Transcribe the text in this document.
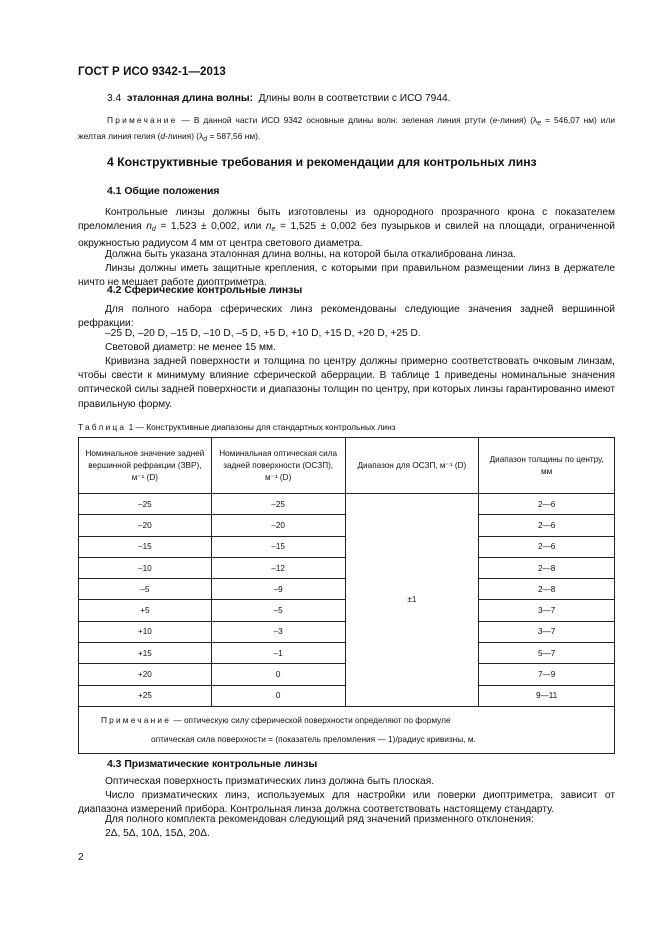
ГОСТ Р ИСО 9342-1—2013
3.4 эталонная длина волны: Длины волн в соответствии с ИСО 7944.
Примечание — В данной части ИСО 9342 основные длины волн: зеленая линия ртути (e-линия) ($\lambda_e = 546,07$ нм) или желтая линия гелия (d-линия) ($\lambda_d = 587,56$ нм).
4 Конструктивные требования и рекомендации для контрольных линз
4.1 Общие положения
Контрольные линзы должны быть изготовлены из однородного прозрачного крона с показателем преломления $n_d = 1,523 \pm 0,002$, или $n_e = 1,525 \pm 0,002$ без пузырьков и свилей на площади, ограниченной окружностью радиусом 4 мм от центра светового диаметра.
Должна быть указана эталонная длина волны, на которой была откалибрована линза.
Линзы должны иметь защитные крепления, с которыми при правильном размещении линз в держателе ничто не мешает работе диоптриметра.
4.2 Сферические контрольные линзы
Для полного набора сферических линз рекомендованы следующие значения задней вершинной рефракции:
–25 D, –20 D, –15 D, –10 D, –5 D, +5 D, +10 D, +15 D, +20 D, +25 D.
Световой диаметр: не менее 15 мм.
Кривизна задней поверхности и толщина по центру должны примерно соответствовать очковым линзам, чтобы свести к минимуму влияние сферической аберрации. В таблице 1 приведены номинальные значения оптической силы задней поверхности и диапазоны толщин по центру, при которых линзы гарантированно имеют правильную форму.
Таблица 1 — Конструктивные диапазоны для стандартных контрольных линз
Номинальное значение задней вершинной рефракции (ЗВР), м⁻¹ (D)	Номинальная оптическая сила задней поверхности (ОСЗП), м⁻¹ (D)	Диапазон для ОСЗП, м⁻¹ (D)	Диапазон толщины по центру, мм
–25	–25	±1	2—6
–20	–20		2—6
–15	–15		2—6
–10	–12		2—8
–5	–9		2—8
+5	–5		3—7
+10	–3		3—7
+15	–1		5—7
+20	0		7—9
+25	0		9—11

Примечание — оптическую силу сферической поверхности определяют по формуле
оптическая сила поверхности = (показатель преломления — 1)/радиус кривизны, м.			
4.3 Призматические контрольные линзы
Оптическая поверхность призматических линз должна быть плоская.
Число призматических линз, используемых для настройки или поверки диоптриметра, зависит от диапазона измерений прибора. Контрольная линза должна соответствовать настоящему стандарту.
Для полного комплекта рекомендован следующий ряд значений призменного отклонения:
2Δ, 5Δ, 10Δ, 15Δ, 20Δ.
2
